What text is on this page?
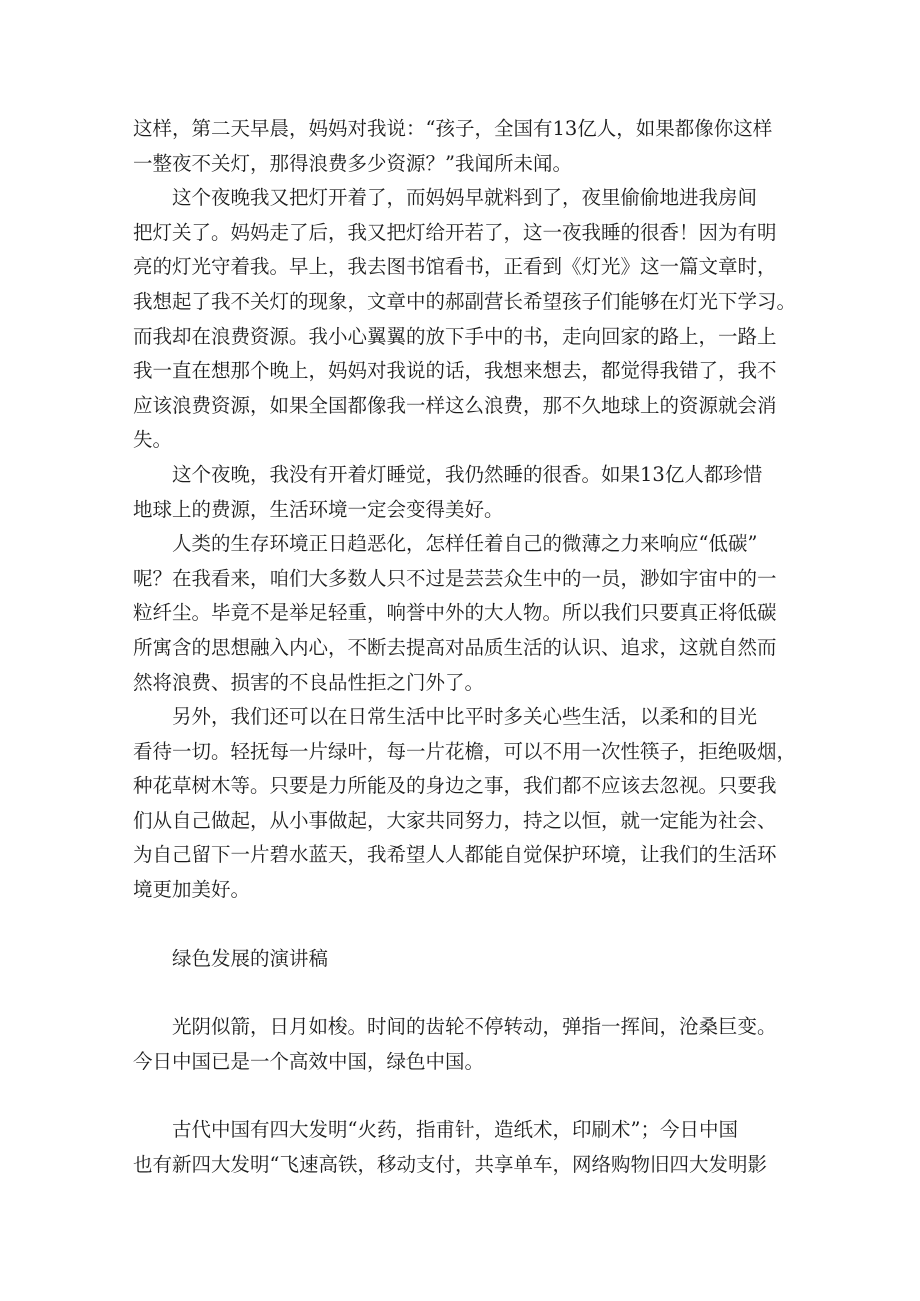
这样，第二天早晨，妈妈对我说：“孩子，全国有13亿人，如果都像你这样

一整夜不关灯，那得浪费多少资源？”我闻所未闻。

这个夜晚我又把灯开着了，而妈妈早就料到了，夜里偷偷地进我房间

把灯关了。妈妈走了后，我又把灯给开若了，这一夜我睡的很香！因为有明

亮的灯光守着我。早上，我去图书馆看书，正看到《灯光》这一篇文章时，

我想起了我不关灯的现象，文章中的郝副营长希望孩子们能够在灯光下学习。

而我却在浪费资源。我小心翼翼的放下手中的书，走向回家的路上，一路上

我一直在想那个晚上，妈妈对我说的话，我想来想去，都觉得我错了，我不

应该浪费资源，如果全国都像我一样这么浪费，那不久地球上的资源就会消

失。

这个夜晚，我没有开着灯睡觉，我仍然睡的很香。如果13亿人都珍惜

地球上的费源，生活环境一定会变得美好。

人类的生存环境正日趋恶化，怎样任着自己的微薄之力来响应“低碳”

呢？在我看来，咱们大多数人只不过是芸芸众生中的一员，渺如宇宙中的一

粒纤尘。毕竟不是举足轻重，响誉中外的大人物。所以我们只要真正将低碳

所寓含的思想融入内心，不断去提高对品质生活的认识、追求，这就自然而

然将浪费、损害的不良品性拒之门外了。

另外，我们还可以在日常生活中比平时多关心些生活，以柔和的目光

看待一切。轻抚每一片绿叶，每一片花檐，可以不用一次性筷子，拒绝吸烟，

种花草树木等。只要是力所能及的身边之事，我们都不应该去忽视。只要我

们从自己做起，从小事做起，大家共同努力，持之以恒，就一定能为社会、

为自己留下一片碧水蓝天，我希望人人都能自觉保护环境，让我们的生活环

境更加美好。

绿色发展的演讲稿

光阴似箭，日月如梭。时间的齿轮不停转动，弹指一挥间，沧桑巨变。

今日中国已是一个高效中国，绿色中国。

古代中国有四大发明“火药，指甫针，造纸术，印刷术”；今日中国

也有新四大发明“飞速高铁，移动支付，共享单车，网络购物旧四大发明影
